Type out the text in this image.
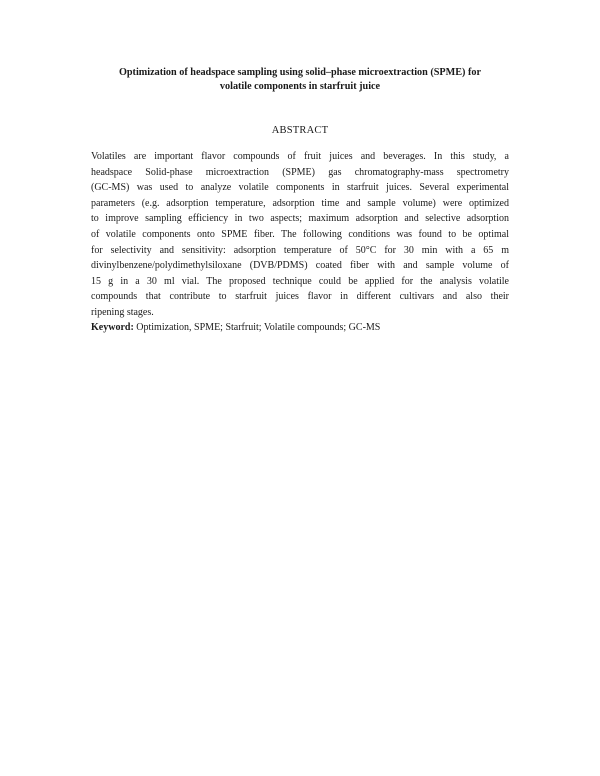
Optimization of headspace sampling using solid–phase microextraction (SPME) for
volatile components in starfruit juice
ABSTRACT
Volatiles are important flavor compounds of fruit juices and beverages. In this study, a
headspace Solid-phase microextraction (SPME) gas chromatography-mass spectrometry
(GC-MS) was used to analyze volatile components in starfruit juices. Several experimental
parameters (e.g. adsorption temperature, adsorption time and sample volume) were optimized
to improve sampling efficiency in two aspects; maximum adsorption and selective adsorption
of volatile components onto SPME fiber. The following conditions was found to be optimal
for selectivity and sensitivity: adsorption temperature of 50°C for 30 min with a 65 m
divinylbenzene/polydimethylsiloxane (DVB/PDMS) coated fiber with and sample volume of
15 g in a 30 ml vial. The proposed technique could be applied for the analysis volatile
compounds that contribute to starfruit juices flavor in different cultivars and also their
ripening stages.
Keyword: Optimization, SPME; Starfruit; Volatile compounds; GC-MS
